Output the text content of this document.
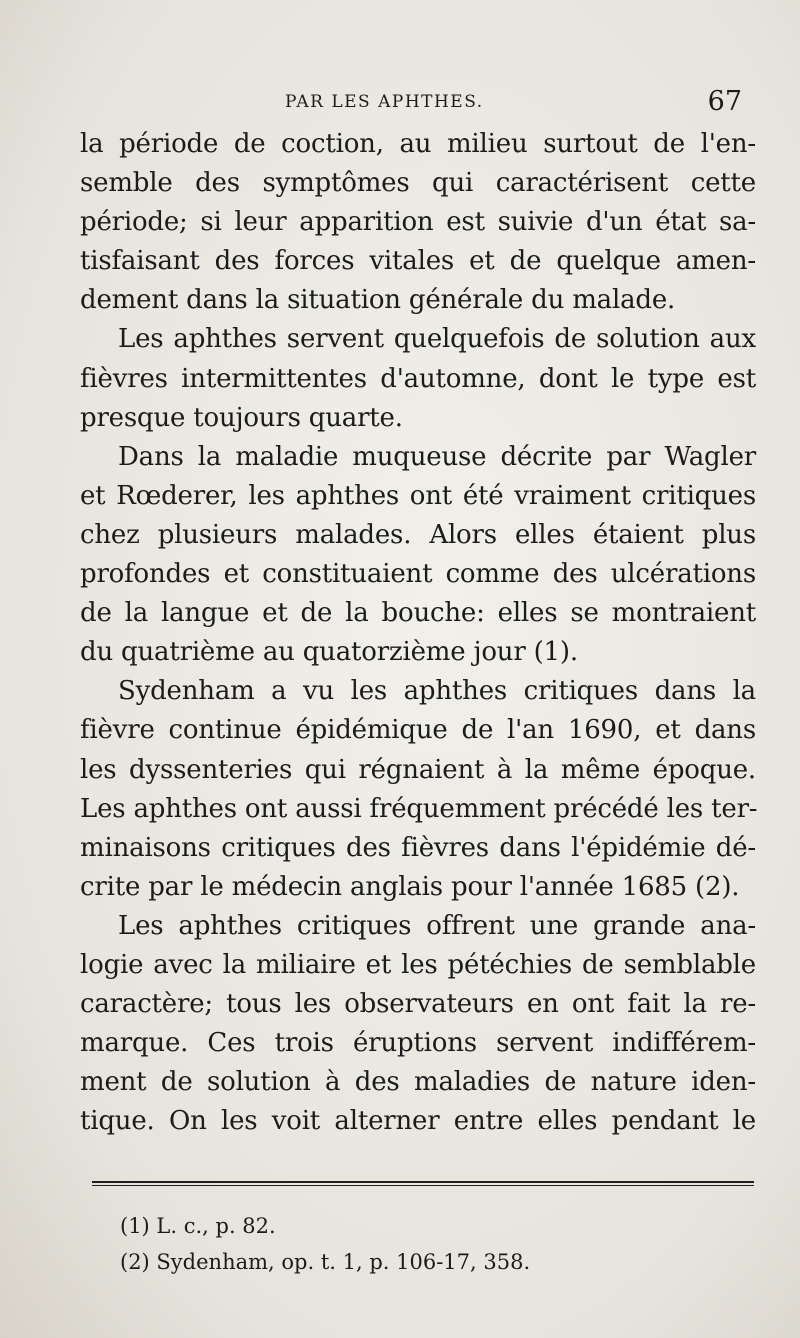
PAR LES APHTHES.	67
la période de coction, au milieu surtout de l'en-
semble des symptômes qui caractérisent cette
période; si leur apparition est suivie d'un état sa-
tisfaisant des forces vitales et de quelque amen-
dement dans la situation générale du malade.
Les aphthes servent quelquefois de solution aux
fièvres intermittentes d'automne, dont le type est
presque toujours quarte.
Dans la maladie muqueuse décrite par Wagler
et Rœderer, les aphthes ont été vraiment critiques
chez plusieurs malades. Alors elles étaient plus
profondes et constituaient comme des ulcérations
de la langue et de la bouche: elles se montraient
du quatrième au quatorzième jour (1).
Sydenham a vu les aphthes critiques dans la
fièvre continue épidémique de l'an 1690, et dans
les dyssenteries qui régnaient à la même époque.
Les aphthes ont aussi fréquemment précédé les ter-
minaisons critiques des fièvres dans l'épidémie dé-
crite par le médecin anglais pour l'année 1685 (2).
Les aphthes critiques offrent une grande ana-
logie avec la miliaire et les pétéchies de semblable
caractère; tous les observateurs en ont fait la re-
marque. Ces trois éruptions servent indifférem-
ment de solution à des maladies de nature iden-
tique. On les voit alterner entre elles pendant le
(1) L. c., p. 82.
(2) Sydenham, op. t. 1, p. 106-17, 358.
